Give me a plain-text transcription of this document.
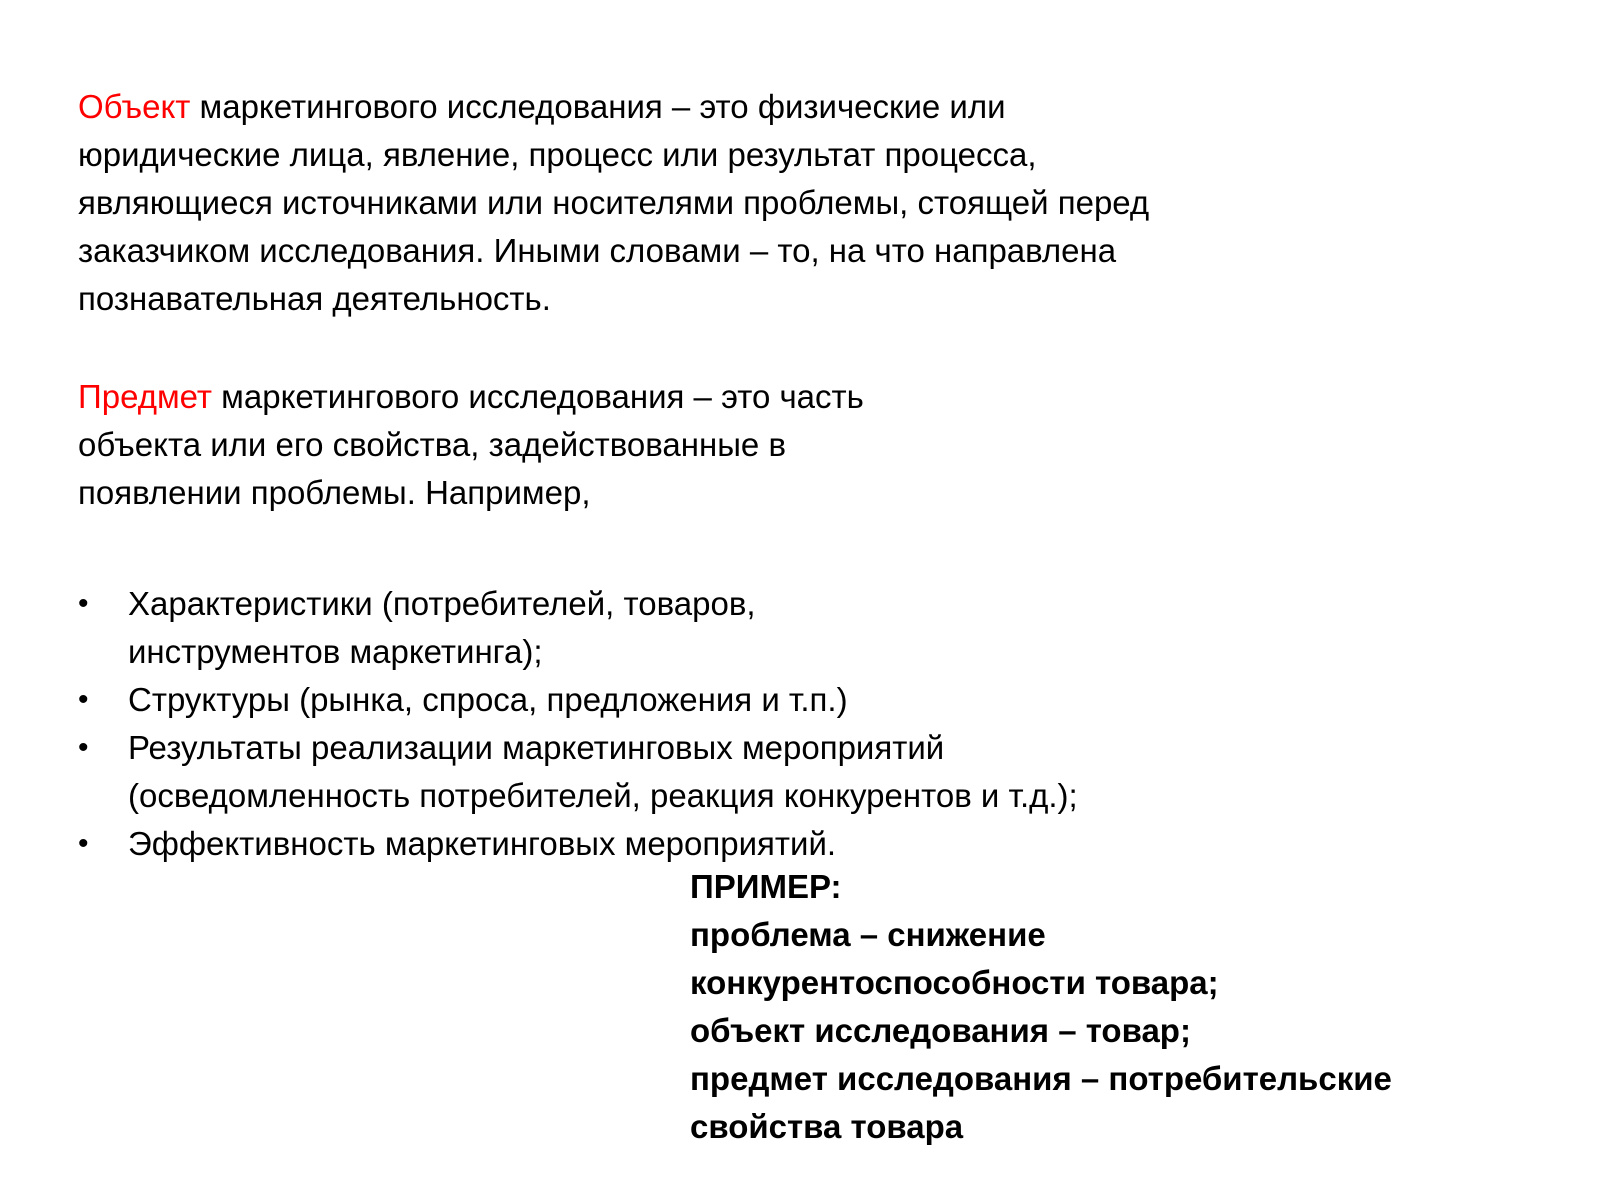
Объект маркетингового исследования – это физические или
юридические лица, явление, процесс или результат процесса,
являющиеся источниками или носителями проблемы, стоящей перед
заказчиком исследования. Иными словами – то, на что направлена
познавательная деятельность.

Предмет маркетингового исследования – это часть
объекта или его свойства, задействованные в
появлении проблемы. Например,

• Характеристики (потребителей, товаров,
инструментов маркетинга);
• Структуры (рынка, спроса, предложения и т.п.)
• Результаты реализации маркетинговых мероприятий
(осведомленность потребителей, реакция конкурентов и т.д.);
• Эффективность маркетинговых мероприятий.
ПРИМЕР:
проблема – снижение
конкурентоспособности товара;
объект исследования – товар;
предмет исследования – потребительские
свойства товара
